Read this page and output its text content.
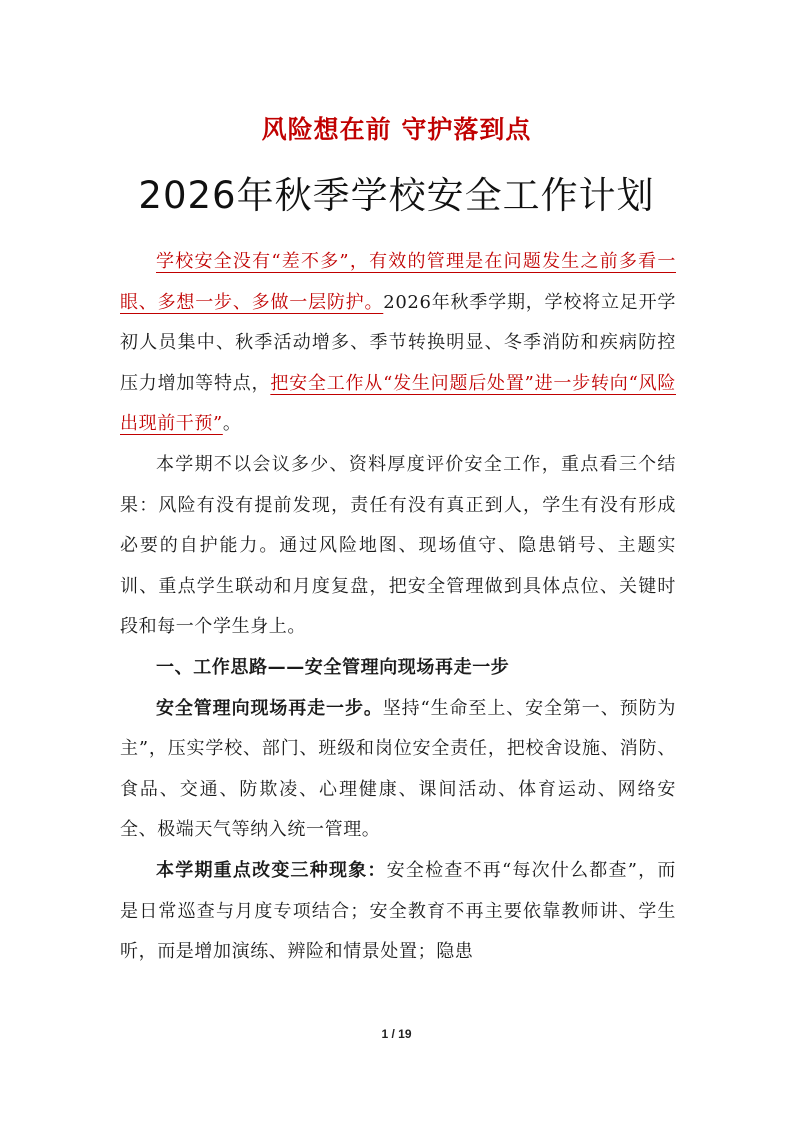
风险想在前 守护落到点
2026年秋季学校安全工作计划

学校安全没有“差不多”，有效的管理是在问题发生之前多看一眼、多想一步、多做一层防护。2026年秋季学期，学校将立足开学初人员集中、秋季活动增多、季节转换明显、冬季消防和疾病防控压力增加等特点，把安全工作从“发生问题后处置”进一步转向“风险出现前干预”。

本学期不以会议多少、资料厚度评价安全工作，重点看三个结果：风险有没有提前发现，责任有没有真正到人，学生有没有形成必要的自护能力。通过风险地图、现场值守、隐患销号、主题实训、重点学生联动和月度复盘，把安全管理做到具体点位、关键时段和每一个学生身上。

一、工作思路——安全管理向现场再走一步

安全管理向现场再走一步。坚持“生命至上、安全第一、预防为主”，压实学校、部门、班级和岗位安全责任，把校舍设施、消防、食品、交通、防欺凌、心理健康、课间活动、体育运动、网络安全、极端天气等纳入统一管理。

本学期重点改变三种现象：安全检查不再“每次什么都查”，而是日常巡查与月度专项结合；安全教育不再主要依靠教师讲、学生听，而是增加演练、辨险和情景处置；隐患

1 / 19
